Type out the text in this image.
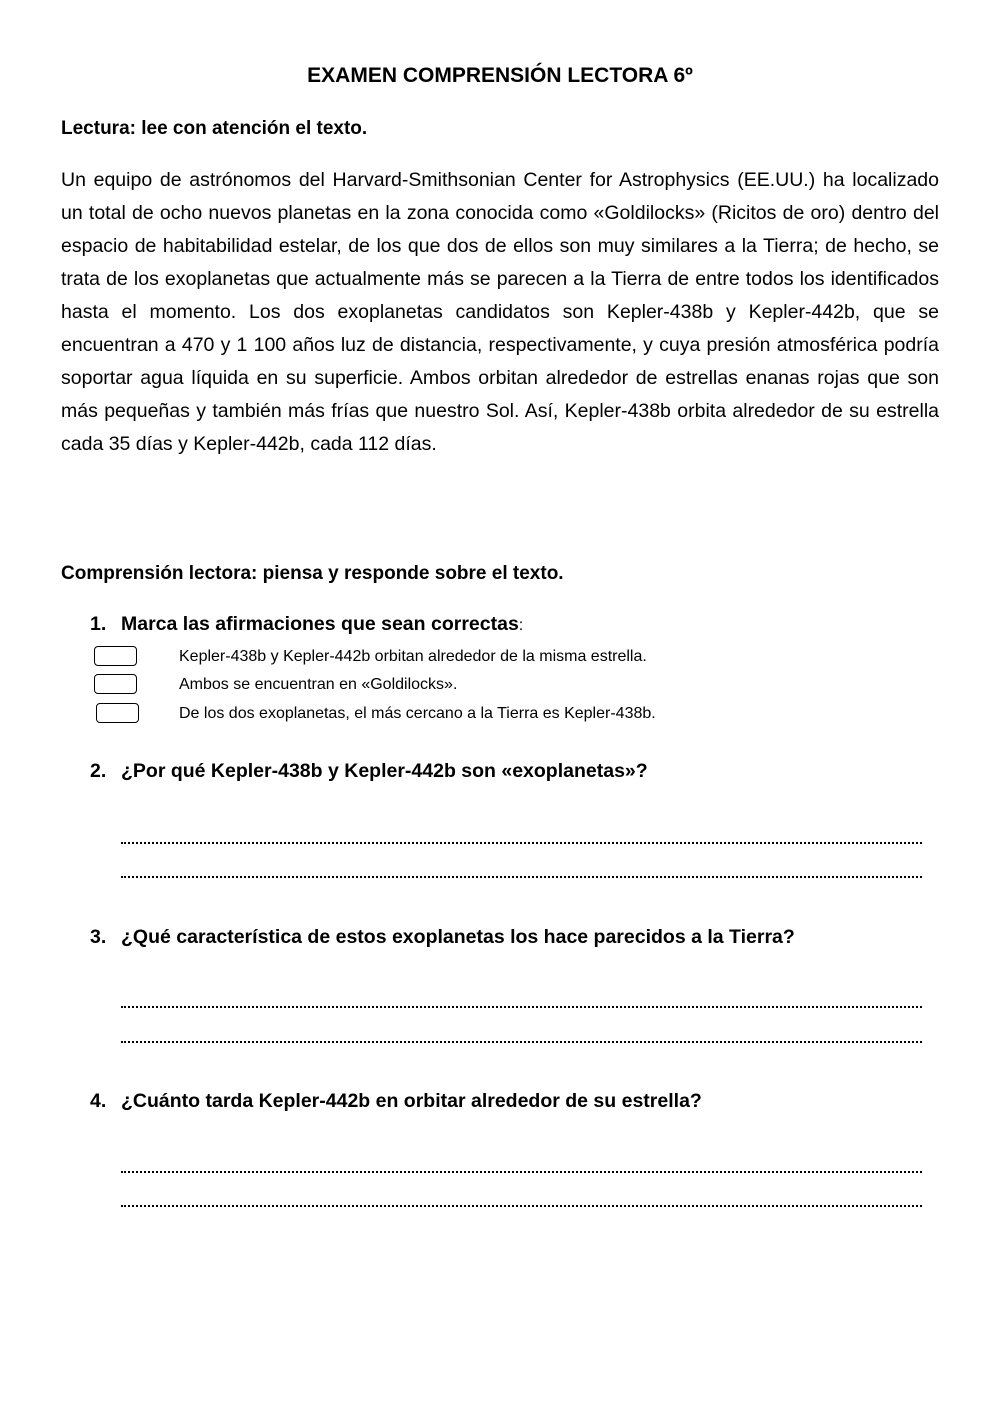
EXAMEN COMPRENSIÓN LECTORA 6º
Lectura: lee con atención el texto.
Un equipo de astrónomos del Harvard-Smithsonian Center for Astrophysics (EE.UU.) ha localizado un total de ocho nuevos planetas en la zona conocida como «Goldilocks» (Ricitos de oro) dentro del espacio de habitabilidad estelar, de los que dos de ellos son muy similares a la Tierra; de hecho, se trata de los exoplanetas que actualmente más se parecen a la Tierra de entre todos los identificados hasta el momento. Los dos exoplanetas candidatos son Kepler-438b y Kepler-442b, que se encuentran a 470 y 1 100 años luz de distancia, respectivamente, y cuya presión atmosférica podría soportar agua líquida en su superficie. Ambos orbitan alrededor de estrellas enanas rojas que son más pequeñas y también más frías que nuestro Sol. Así, Kepler-438b orbita alrededor de su estrella cada 35 días y Kepler-442b, cada 112 días.
Comprensión lectora: piensa y responde sobre el texto.
1. Marca las afirmaciones que sean correctas:
Kepler-438b y Kepler-442b orbitan alrededor de la misma estrella.
Ambos se encuentran en «Goldilocks».
De los dos exoplanetas, el más cercano a la Tierra es Kepler-438b.
2. ¿Por qué Kepler-438b y Kepler-442b son «exoplanetas»?
3. ¿Qué característica de estos exoplanetas los hace parecidos a la Tierra?
4. ¿Cuánto tarda Kepler-442b en orbitar alrededor de su estrella?
